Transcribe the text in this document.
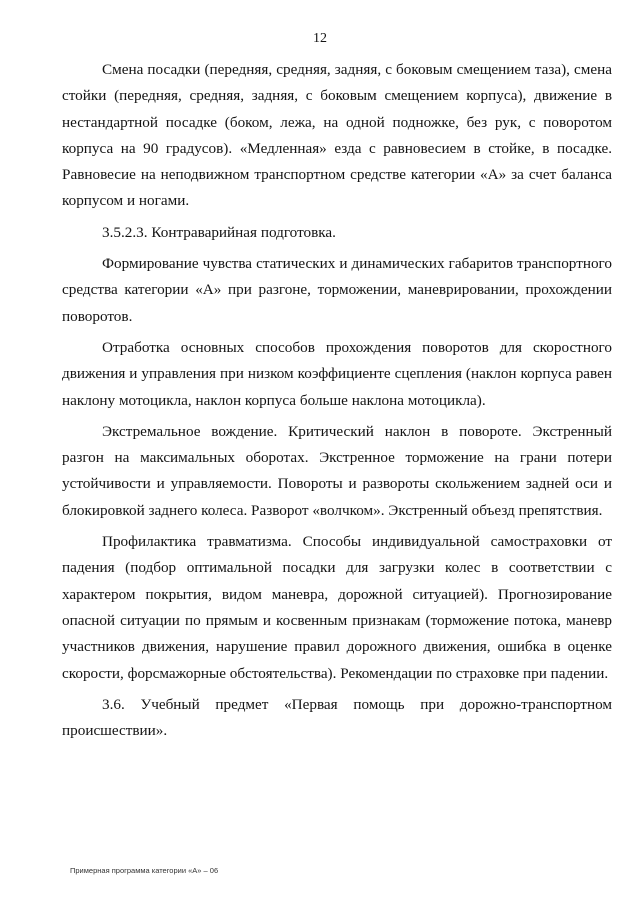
12

Смена посадки (передняя, средняя, задняя, с боковым смещением таза), смена стойки (передняя, средняя, задняя, с боковым смещением корпуса), движение в нестандартной посадке (боком, лежа, на одной подножке, без рук, с поворотом корпуса на 90 градусов). «Медленная» езда с равновесием в стойке, в посадке. Равновесие на неподвижном транспортном средстве категории «А» за счет баланса корпусом и ногами.

3.5.2.3. Контраварийная подготовка.

Формирование чувства статических и динамических габаритов транспортного средства категории «А» при разгоне, торможении, маневрировании, прохождении поворотов.

Отработка основных способов прохождения поворотов для скоростного движения и управления при низком коэффициенте сцепления (наклон корпуса равен наклону мотоцикла, наклон корпуса больше наклона мотоцикла).

Экстремальное вождение. Критический наклон в повороте. Экстренный разгон на максимальных оборотах. Экстренное торможение на грани потери устойчивости и управляемости. Повороты и развороты скольжением задней оси и блокировкой заднего колеса. Разворот «волчком». Экстренный объезд препятствия.

Профилактика травматизма. Способы индивидуальной самостраховки от падения (подбор оптимальной посадки для загрузки колес в соответствии с характером покрытия, видом маневра, дорожной ситуацией). Прогнозирование опасной ситуации по прямым и косвенным признакам (торможение потока, маневр участников движения, нарушение правил дорожного движения, ошибка в оценке скорости, форсмажорные обстоятельства). Рекомендации по страховке при падении.

3.6. Учебный предмет «Первая помощь при дорожно-транспортном происшествии».

Примерная программа категории «А» – 06
